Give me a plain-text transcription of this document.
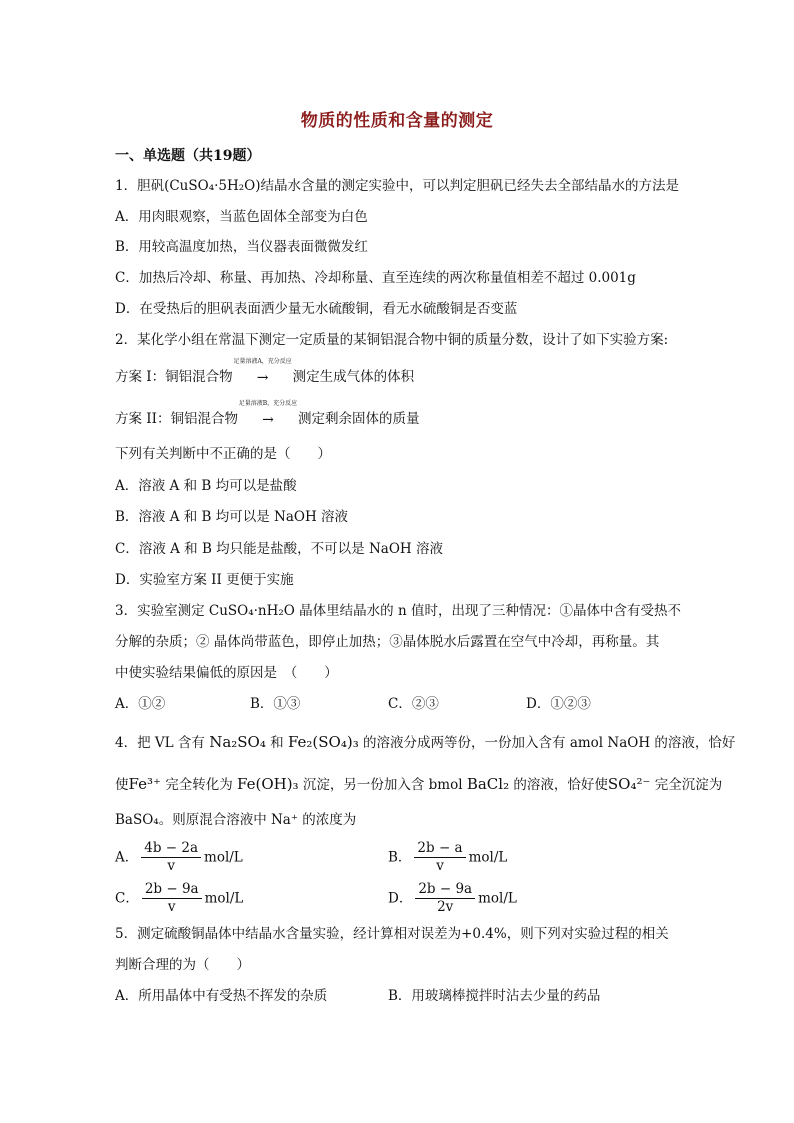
物质的性质和含量的测定
一、单选题（共19题）
1．胆矾(CuSO₄·5H₂O)结晶水含量的测定实验中，可以判定胆矾已经失去全部结晶水的方法是
A．用肉眼观察，当蓝色固体全部变为白色
B．用较高温度加热，当仪器表面微微发红
C．加热后冷却、称量、再加热、冷却称量、直至连续的两次称量值相差不超过 0.001g
D．在受热后的胆矾表面洒少量无水硫酸铜，看无水硫酸铜是否变蓝
2．某化学小组在常温下测定一定质量的某铜铝混合物中铜的质量分数，设计了如下实验方案:
方案 I：铜铝混合物
足量溶液A，充分反应
→ 测定生成气体的体积
方案 II：铜铝混合物
足量溶液B，充分反应
→ 测定剩余固体的质量
下列有关判断中不正确的是（　　）
A．溶液 A 和 B 均可以是盐酸
B．溶液 A 和 B 均可以是 NaOH 溶液
C．溶液 A 和 B 均只能是盐酸，不可以是 NaOH 溶液
D．实验室方案 II 更便于实施
3．实验室测定 CuSO₄·nH₂O 晶体里结晶水的 n 值时，出现了三种情况：①晶体中含有受热不
分解的杂质；② 晶体尚带蓝色，即停止加热；③晶体脱水后露置在空气中冷却，再称量。其
中使实验结果偏低的原因是　（　　）
A．①②	B．①③	C．②③	D．①②③
4．把 VL 含有 Na₂SO₄ 和 Fe₂(SO₄)₃ 的溶液分成两等份，一份加入含有 amol NaOH 的溶液，恰好
使Fe³⁺ 完全转化为 Fe(OH)₃ 沉淀，另一份加入含 bmol BaCl₂ 的溶液，恰好使SO₄²⁻ 完全沉淀为
BaSO₄。则原混合溶液中 Na⁺ 的浓度为
A． $\frac{4b - 2a}{v} mol/L$	B． $\frac{2b - a}{v} mol/L$
C． $\frac{2b - 9a}{v} mol/L$	D． $\frac{2b - 9a}{2v} mol/L$
5．测定硫酸铜晶体中结晶水含量实验，经计算相对误差为+0.4%，则下列对实验过程的相关
判断合理的为（　　）
A．所用晶体中有受热不挥发的杂质	B．用玻璃棒搅拌时沾去少量的药品
